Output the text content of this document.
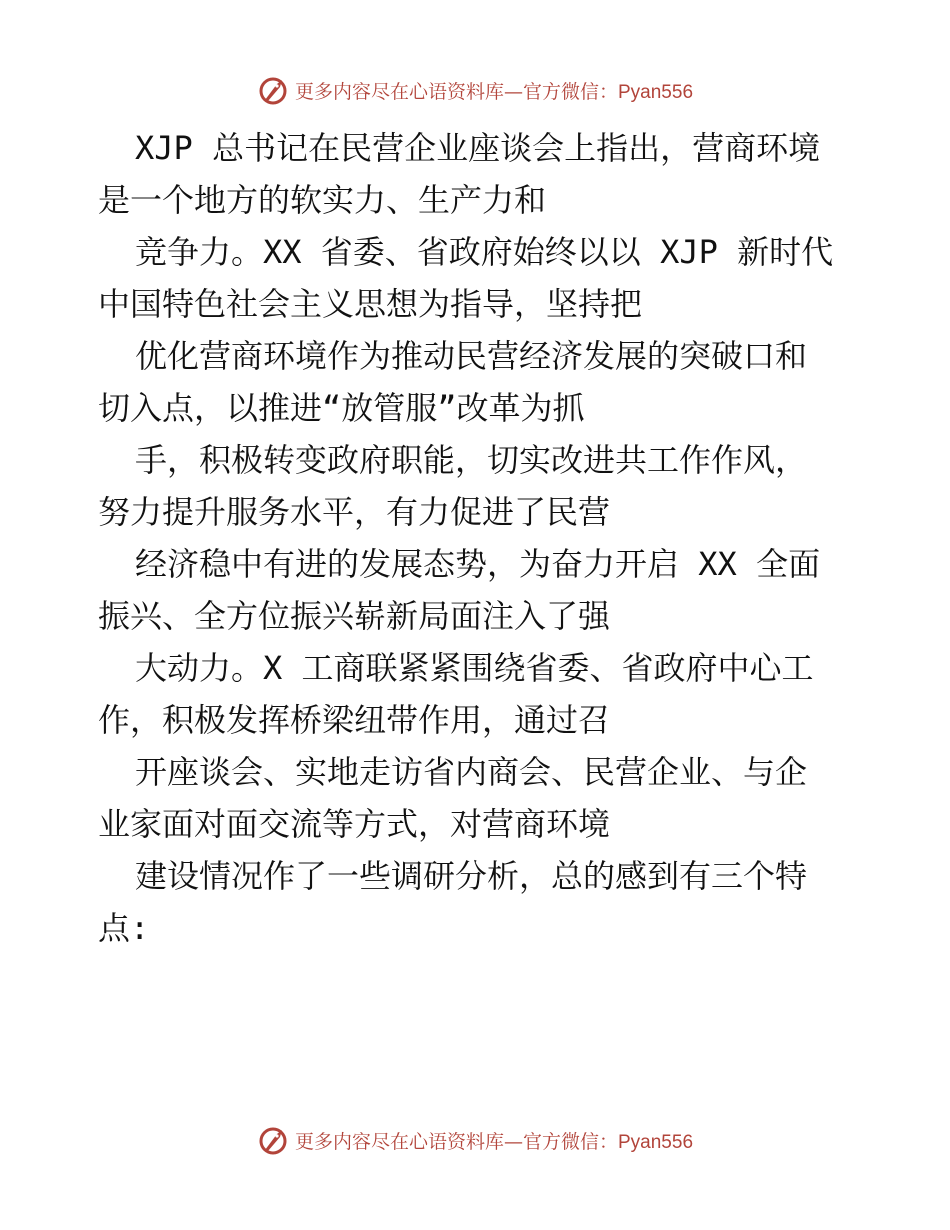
更多内容尽在心语资料库—官方微信：Pyan556
XJP 总书记在民营企业座谈会上指出，营商环境
是一个地方的软实力、生产力和
竞争力。XX 省委、省政府始终以以 XJP 新时代
中国特色社会主义思想为指导，坚持把
优化营商环境作为推动民营经济发展的突破口和
切入点，以推进“放管服”改革为抓
手，积极转变政府职能，切实改进共工作作风，
努力提升服务水平，有力促进了民营
经济稳中有进的发展态势，为奋力开启 XX 全面
振兴、全方位振兴崭新局面注入了强
大动力。X 工商联紧紧围绕省委、省政府中心工
作，积极发挥桥梁纽带作用，通过召
开座谈会、实地走访省内商会、民营企业、与企
业家面对面交流等方式，对营商环境
建设情况作了一些调研分析，总的感到有三个特
点:
更多内容尽在心语资料库—官方微信：Pyan556
